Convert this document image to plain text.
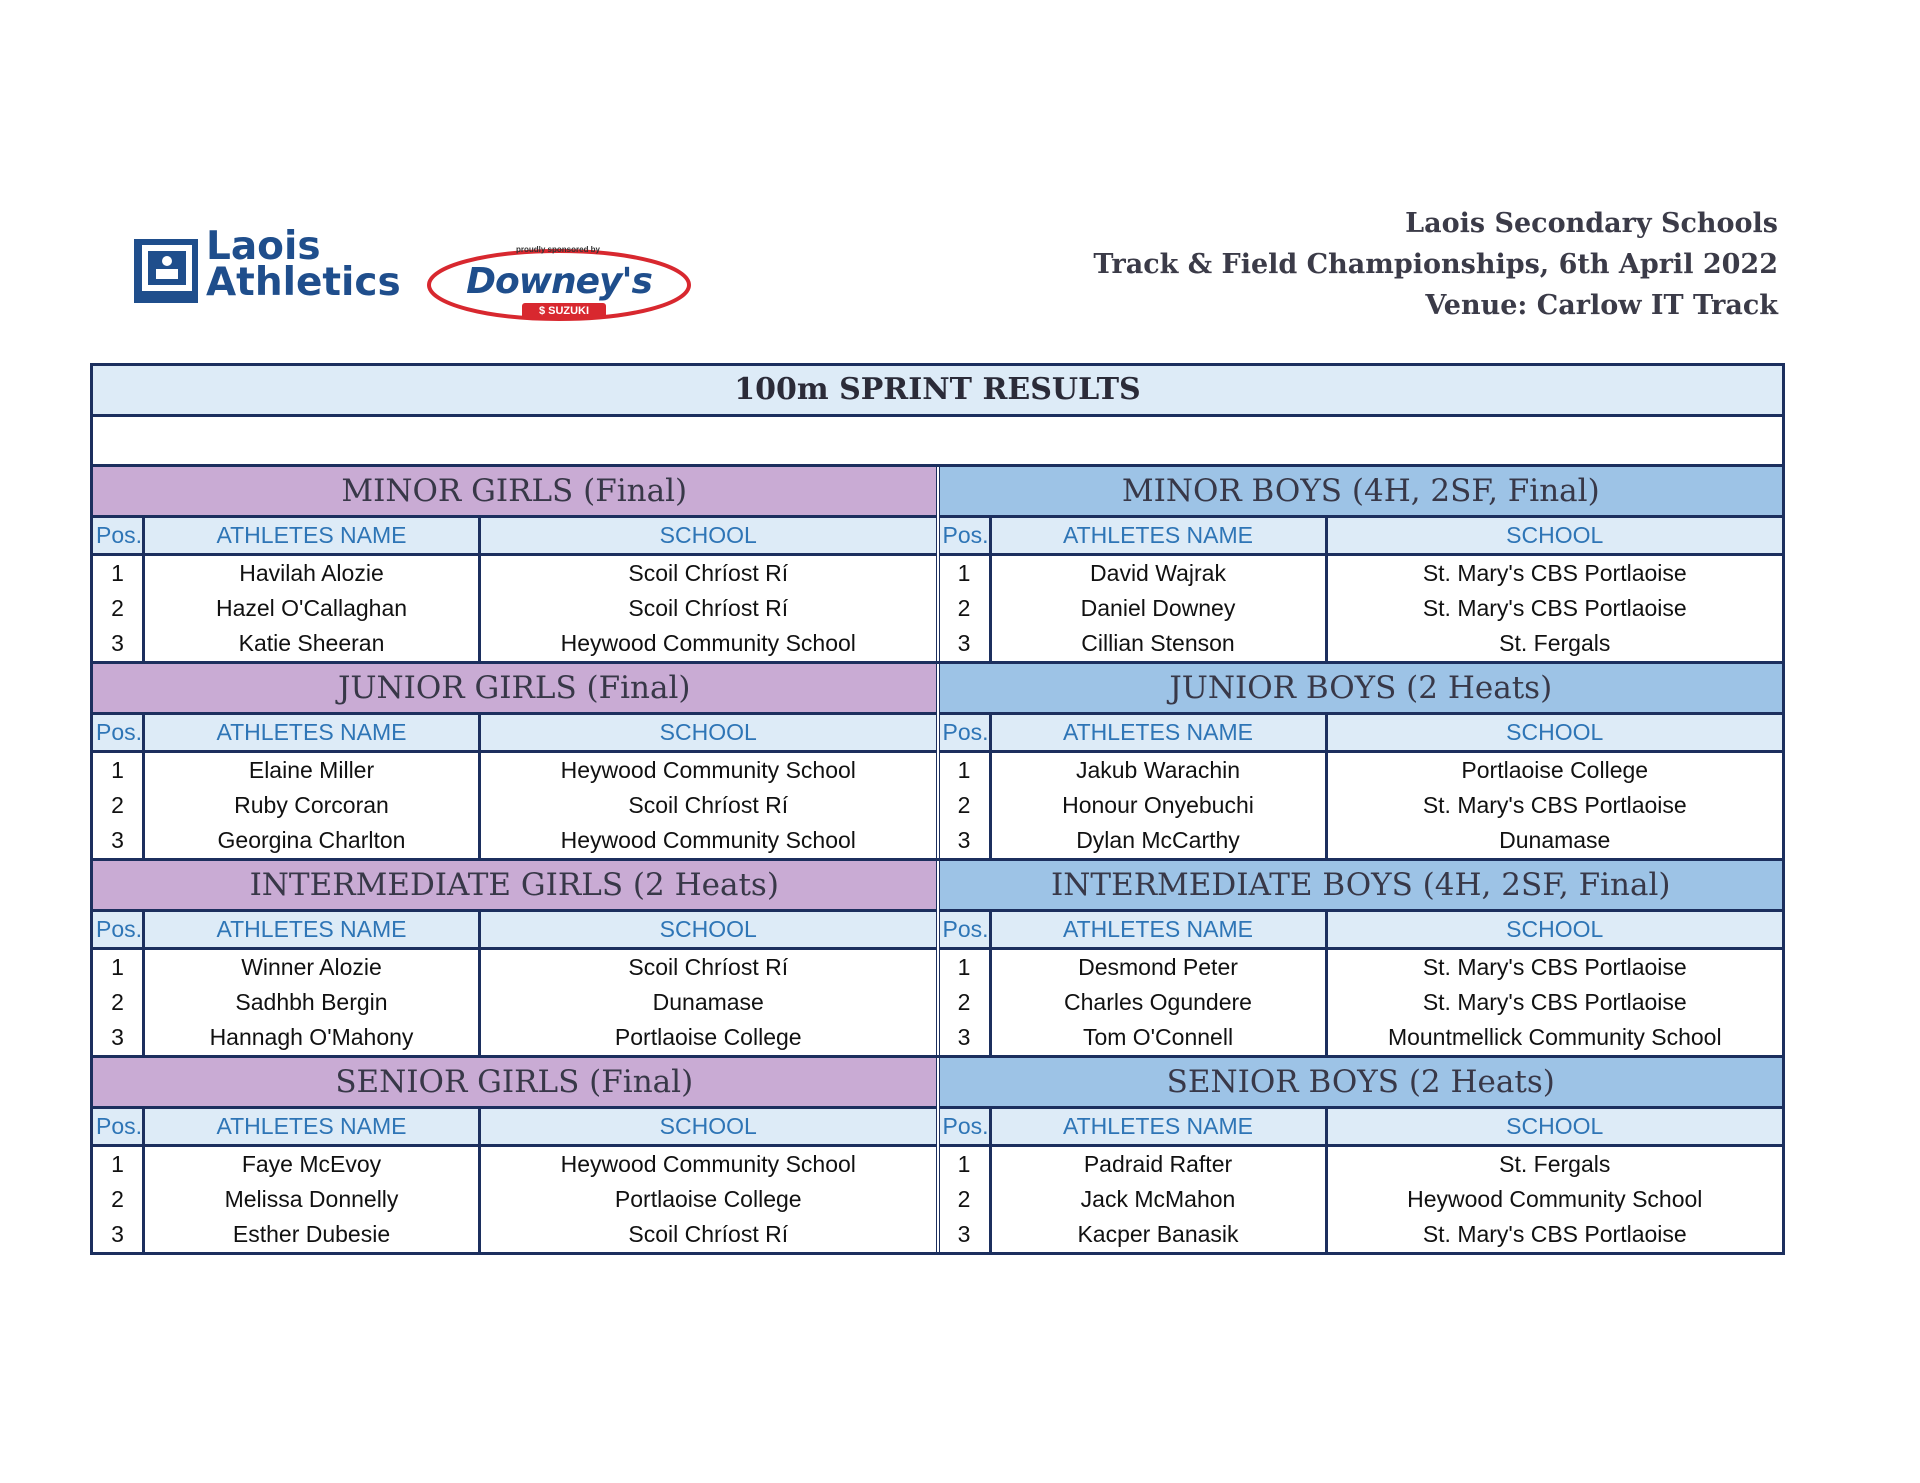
Laois
Athletics
proudly sponsored by
Downey's
$ SUZUKI
Laois Secondary Schools
Track & Field Championships, 6th April 2022
Venue: Carlow IT Track
100m SPRINT RESULTS
MINOR GIRLS (Final)
Pos.	ATHLETES NAME	SCHOOL
1	Havilah Alozie	Scoil Chríost Rí
2	Hazel O'Callaghan	Scoil Chríost Rí
3	Katie Sheeran	Heywood Community School
MINOR BOYS (4H, 2SF, Final)
Pos.	ATHLETES NAME	SCHOOL
1	David Wajrak	St. Mary's CBS Portlaoise
2	Daniel Downey	St. Mary's CBS Portlaoise
3	Cillian Stenson	St. Fergals
JUNIOR GIRLS (Final)
Pos.	ATHLETES NAME	SCHOOL
1	Elaine Miller	Heywood Community School
2	Ruby Corcoran	Scoil Chríost Rí
3	Georgina Charlton	Heywood Community School
JUNIOR BOYS (2 Heats)
Pos.	ATHLETES NAME	SCHOOL
1	Jakub Warachin	Portlaoise College
2	Honour Onyebuchi	St. Mary's CBS Portlaoise
3	Dylan McCarthy	Dunamase
INTERMEDIATE GIRLS (2 Heats)
Pos.	ATHLETES NAME	SCHOOL
1	Winner Alozie	Scoil Chríost Rí
2	Sadhbh Bergin	Dunamase
3	Hannagh O'Mahony	Portlaoise College
INTERMEDIATE BOYS (4H, 2SF, Final)
Pos.	ATHLETES NAME	SCHOOL
1	Desmond Peter	St. Mary's CBS Portlaoise
2	Charles Ogundere	St. Mary's CBS Portlaoise
3	Tom O'Connell	Mountmellick Community School
SENIOR GIRLS (Final)
Pos.	ATHLETES NAME	SCHOOL
1	Faye McEvoy	Heywood Community School
2	Melissa Donnelly	Portlaoise College
3	Esther Dubesie	Scoil Chríost Rí
SENIOR BOYS (2 Heats)
Pos.	ATHLETES NAME	SCHOOL
1	Padraid Rafter	St. Fergals
2	Jack McMahon	Heywood Community School
3	Kacper Banasik	St. Mary's CBS Portlaoise
